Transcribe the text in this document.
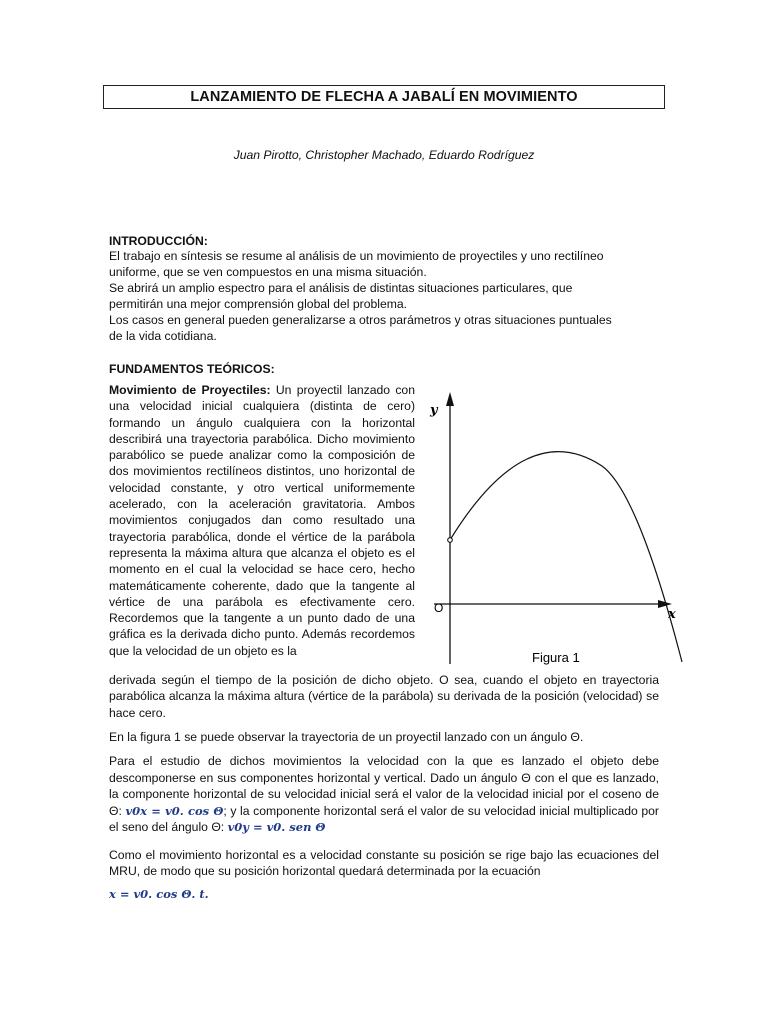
LANZAMIENTO DE FLECHA A JABALÍ EN MOVIMIENTO
Juan Pirotto, Christopher Machado, Eduardo Rodríguez
INTRODUCCIÓN:

El trabajo en síntesis se resume al análisis de un movimiento de proyectiles y uno rectilíneo

uniforme, que se ven compuestos en una misma situación.

Se abrirá un amplio espectro para el análisis de distintas situaciones particulares, que

permitirán una mejor comprensión global del problema.

Los casos en general pueden generalizarse a otros parámetros y otras situaciones puntuales

de la vida cotidiana.

FUNDAMENTOS TEÓRICOS:

Movimiento de Proyectiles: Un proyectil lanzado con una velocidad inicial cualquiera (distinta de cero) formando un ángulo cualquiera con la horizontal describirá una trayectoria parabólica. Dicho movimiento parabólico se puede analizar como la composición de dos movimientos rectilíneos distintos, uno horizontal de velocidad constante, y otro vertical uniformemente acelerado, con la aceleración gravitatoria. Ambos movimientos conjugados dan como resultado una trayectoria parabólica, donde el vértice de la parábola representa la máxima altura que alcanza el objeto es el momento en el cual la velocidad se hace cero, hecho matemáticamente coherente, dado que la tangente al vértice de una parábola es efectivamente cero. Recordemos que la tangente a un punto dado de una gráfica es la derivada dicho punto. Además recordemos que la velocidad de un objeto es la

y
x
O
Figura 1

derivada según el tiempo de la posición de dicho objeto. O sea, cuando el objeto en trayectoria parabólica alcanza la máxima altura (vértice de la parábola) su derivada de la posición (velocidad) se hace cero.

En la figura 1 se puede observar la trayectoria de un proyectil lanzado con un ángulo Θ.

Para el estudio de dichos movimientos la velocidad con la que es lanzado el objeto debe descomponerse en sus componentes horizontal y vertical. Dado un ángulo Θ con el que es lanzado, la componente horizontal de su velocidad inicial será el valor de la velocidad inicial por el coseno de Θ: v0x = v0. cos Θ; y la componente horizontal será el valor de su velocidad inicial multiplicado por el seno del ángulo Θ: v0y = v0. sen Θ

Como el movimiento horizontal es a velocidad constante su posición se rige bajo las ecuaciones del MRU, de modo que su posición horizontal quedará determinada por la ecuación

x = v0. cos Θ. t.
